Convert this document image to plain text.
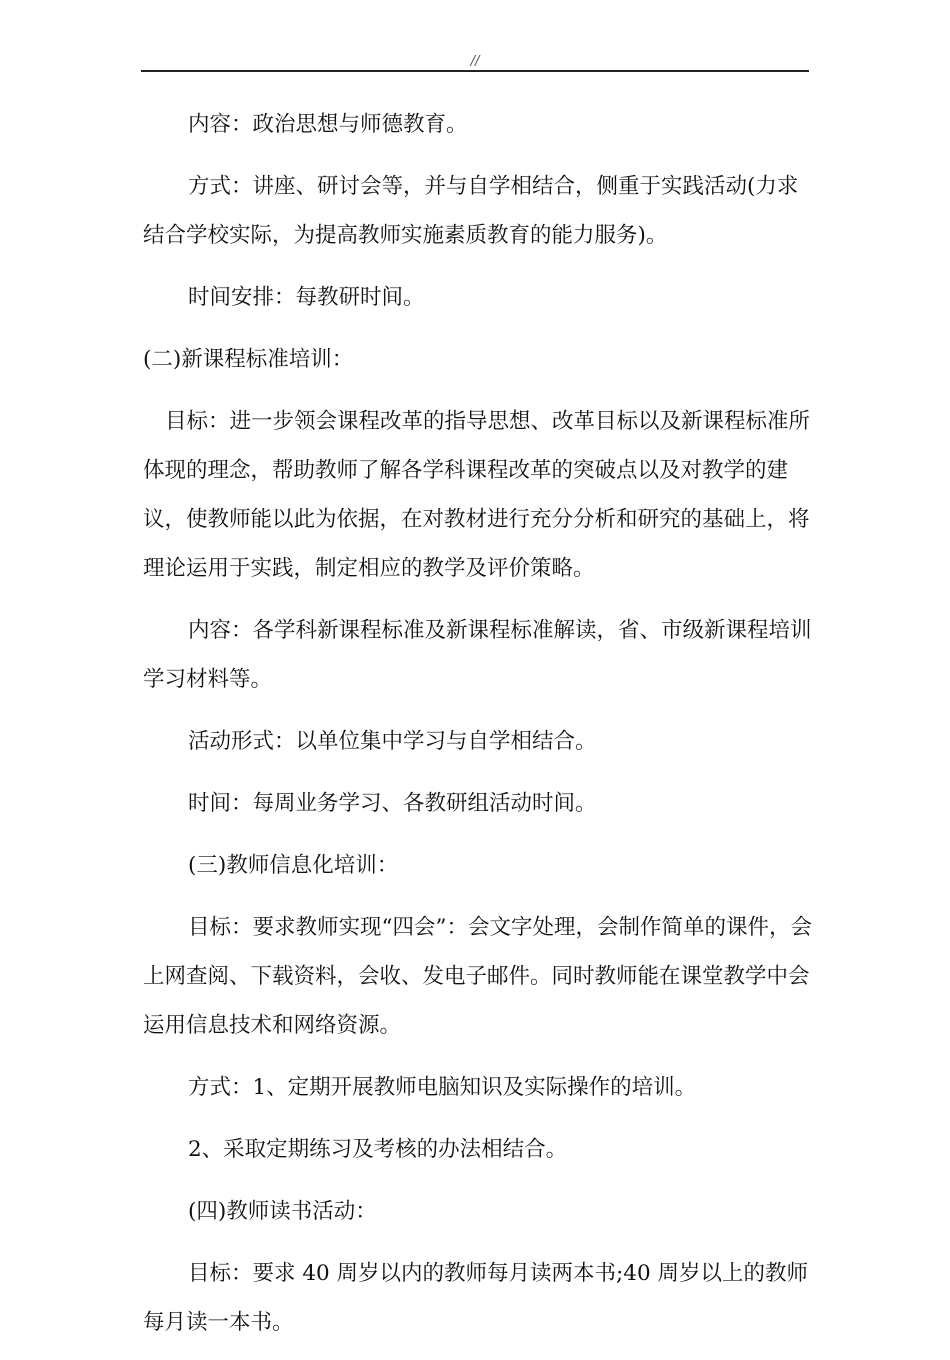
//

内容：政治思想与师德教育。

方式：讲座、研讨会等，并与自学相结合，侧重于实践活动(力求结合学校实际，为提高教师实施素质教育的能力服务)。

时间安排：每教研时间。

(二)新课程标准培训：

目标：进一步领会课程改革的指导思想、改革目标以及新课程标准所体现的理念，帮助教师了解各学科课程改革的突破点以及对教学的建议，使教师能以此为依据，在对教材进行充分分析和研究的基础上，将理论运用于实践，制定相应的教学及评价策略。

内容：各学科新课程标准及新课程标准解读，省、市级新课程培训学习材料等。

活动形式：以单位集中学习与自学相结合。

时间：每周业务学习、各教研组活动时间。

(三)教师信息化培训：

目标：要求教师实现“四会”：会文字处理，会制作简单的课件，会上网查阅、下载资料，会收、发电子邮件。同时教师能在课堂教学中会运用信息技术和网络资源。

方式：1、定期开展教师电脑知识及实际操作的培训。

2、采取定期练习及考核的办法相结合。

(四)教师读书活动：

目标：要求 40 周岁以内的教师每月读两本书;40 周岁以上的教师每月读一本书。
